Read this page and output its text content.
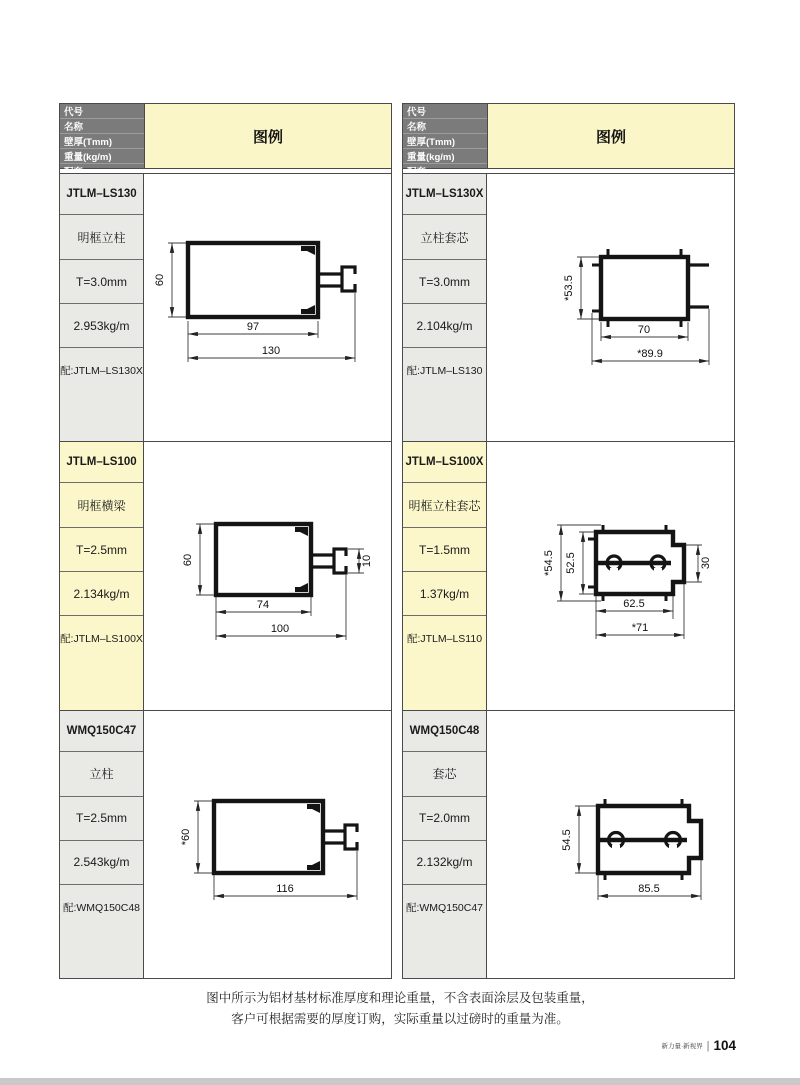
代号
名称
壁厚(Tmm)
重量(kg/m)
图例
JTLM–LS130
明框立柱
T=3.0mm
2.953kg/m
配:JTLM–LS130X
60
97
130
JTLM–LS100
明框横梁
T=2.5mm
2.134kg/m
配:JTLM–LS100X
60
74
100
10
WMQ150C47
立柱
T=2.5mm
2.543kg/m
配:WMQ150C48
*60
116
代号
名称
壁厚(Tmm)
重量(kg/m)
图例
JTLM–LS130X
立柱套芯
T=3.0mm
2.104kg/m
配:JTLM–LS130
*53.5
70
*89.9
JTLM–LS100X
明框立柱套芯
T=1.5mm
1.37kg/m
配:JTLM–LS110
*54.5 52.5	30
62.5
*71
WMQ150C48
套芯
T=2.0mm
2.132kg/m
配:WMQ150C47
54.5
85.5
图中所示为铝材基材标准厚度和理论重量，不含表面涂层及包装重量，
客户可根据需要的厚度订购，实际重量以过磅时的重量为准。
新力量·新视界 | 104
